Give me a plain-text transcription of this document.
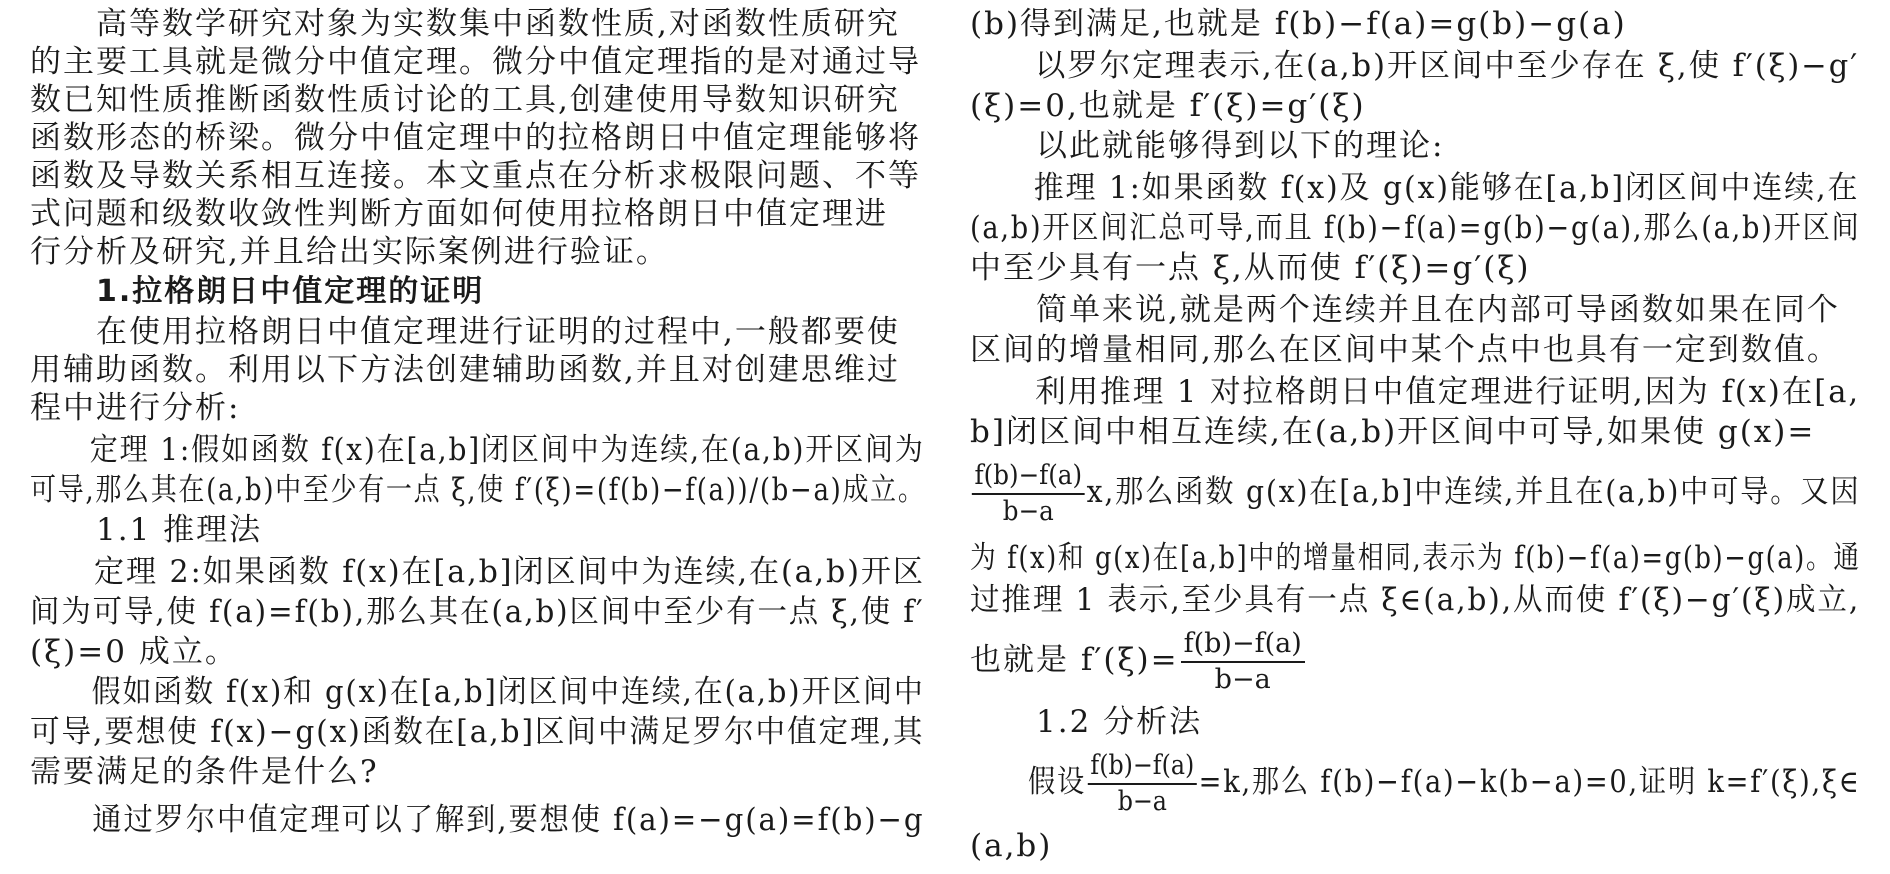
高等数学研究对象为实数集中函数性质,对函数性质研究
的主要工具就是微分中值定理。微分中值定理指的是对通过导
数已知性质推断函数性质讨论的工具,创建使用导数知识研究
函数形态的桥梁。微分中值定理中的拉格朗日中值定理能够将
函数及导数关系相互连接。本文重点在分析求极限问题、不等
式问题和级数收敛性判断方面如何使用拉格朗日中值定理进
行分析及研究,并且给出实际案例进行验证。
1.拉格朗日中值定理的证明
在使用拉格朗日中值定理进行证明的过程中,一般都要使
用辅助函数。利用以下方法创建辅助函数,并且对创建思维过
程中进行分析:
定理 1:假如函数 f(x)在[a,b]闭区间中为连续,在(a,b)开区间为
可导,那么其在(a,b)中至少有一点 ξ,使 f′(ξ)=(f(b)−f(a))/(b−a)成立。
1.1 推理法
定理 2:如果函数 f(x)在[a,b]闭区间中为连续,在(a,b)开区
间为可导,使 f(a)=f(b),那么其在(a,b)区间中至少有一点 ξ,使 f′
(ξ)=0 成立。
假如函数 f(x)和 g(x)在[a,b]闭区间中连续,在(a,b)开区间中
可导,要想使 f(x)−g(x)函数在[a,b]区间中满足罗尔中值定理,其
需要满足的条件是什么?
通过罗尔中值定理可以了解到,要想使 f(a)=−g(a)=f(b)−g
(b)得到满足,也就是 f(b)−f(a)=g(b)−g(a)
以罗尔定理表示,在(a,b)开区间中至少存在 ξ,使 f′(ξ)−g′
(ξ)=0,也就是 f′(ξ)=g′(ξ)
以此就能够得到以下的理论:
推理 1:如果函数 f(x)及 g(x)能够在[a,b]闭区间中连续,在
(a,b)开区间汇总可导,而且 f(b)−f(a)=g(b)−g(a),那么(a,b)开区间
中至少具有一点 ξ,从而使 f′(ξ)=g′(ξ)
简单来说,就是两个连续并且在内部可导函数如果在同个
区间的增量相同,那么在区间中某个点中也具有一定到数值。
利用推理 1 对拉格朗日中值定理进行证明,因为 f(x)在[a,
b]闭区间中相互连续,在(a,b)开区间中可导,如果使 g(x)=
$\frac{f(b)-f(a)}{b-a} x$,那么函数 g(x)在[a,b]中连续,并且在(a,b)中可导。又因
为 f(x)和 g(x)在[a,b]中的增量相同,表示为 f(b)−f(a)=g(b)−g(a)。通
过推理 1 表示,至少具有一点 ξ∈(a,b),从而使 f′(ξ)−g′(ξ)成立,
也就是 $f'(\xi)= \frac{f(b)-f(a)}{b-a}$
1.2 分析法
假设 $\frac{f(b)-f(a)}{b-a} =k$,那么 f(b)−f(a)−k(b−a)=0,证明 k=f′(ξ),ξ∈
(a,b)
